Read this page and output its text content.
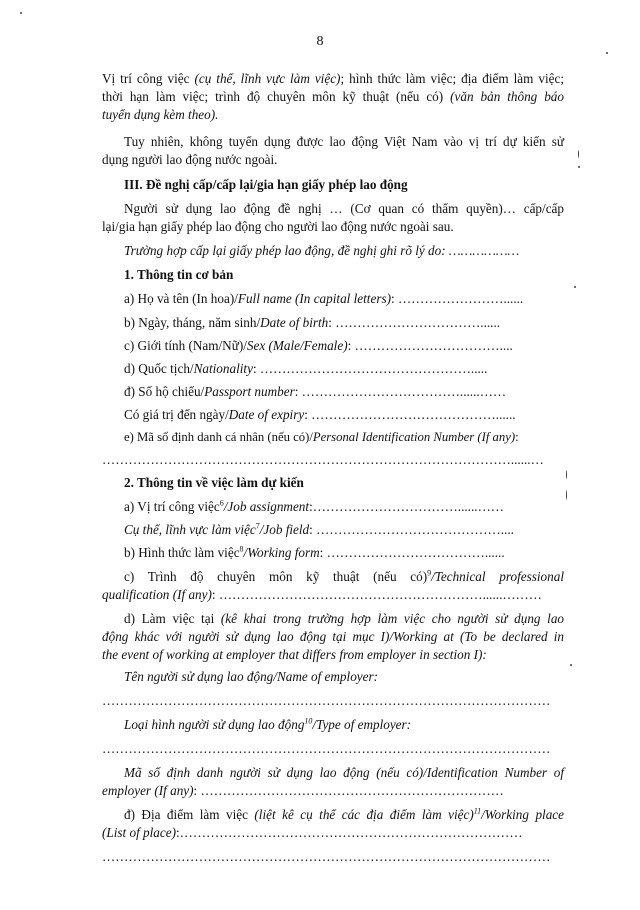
8
Vị trí công việc (cụ thể, lĩnh vực làm việc); hình thức làm việc; địa điểm làm việc;
thời hạn làm việc; trình độ chuyên môn kỹ thuật (nếu có) (văn bản thông báo
tuyển dụng kèm theo).
Tuy nhiên, không tuyển dụng được lao động Việt Nam vào vị trí dự kiến sử
dụng người lao động nước ngoài.
III. Đề nghị cấp/cấp lại/gia hạn giấy phép lao động
Người sử dụng lao động đề nghị … (Cơ quan có thẩm quyền)… cấp/cấp
lại/gia hạn giấy phép lao động cho người lao động nước ngoài sau.
Trường hợp cấp lại giấy phép lao động, đề nghị ghi rõ lý do: ………………
1. Thông tin cơ bản
a) Họ và tên (In hoa)/Full name (In capital letters): ……………………......
b) Ngày, tháng, năm sinh/Date of birth: ……………………………......
c) Giới tính (Nam/Nữ)/Sex (Male/Female): ……………………………....
d) Quốc tịch/Nationality: ………………………………………….....
đ) Số hộ chiếu/Passport number: ………………………………......……
Có giá trị đến ngày/Date of expiry: ……………………………………......
e) Mã số định danh cá nhân (nếu có)/Personal Identification Number (If any):
…………………………………………………………………………………......…
2. Thông tin về việc làm dự kiến
a) Vị trí công việc$^6$/Job assignment:……………………………......……
Cụ thể, lĩnh vực làm việc$^7$/Job field: ……………………………………....
b) Hình thức làm việc$^8$/Working form: ………………………………......
c) Trình độ chuyên môn kỹ thuật (nếu có)$^9$/Technical professional
qualification (If any): ……………………………………………………......………
d) Làm việc tại (kê khai trong trường hợp làm việc cho người sử dụng lao
động khác với người sử dụng lao động tại mục I)/Working at (To be declared in
the event of working at employer that differs from employer in section I):
Tên người sử dụng lao động/Name of employer:
…………………………………………………………………………………………
Loại hình người sử dụng lao động$^{10}$/Type of employer:
…………………………………………………………………………………………
Mã số định danh người sử dụng lao động (nếu có)/Identification Number of
employer (If any): ……………………………………………………………
đ) Địa điểm làm việc (liệt kê cụ thể các địa điểm làm việc)$^{11}$/Working place
(List of place):……………………………………………………………………
…………………………………………………………………………………………
